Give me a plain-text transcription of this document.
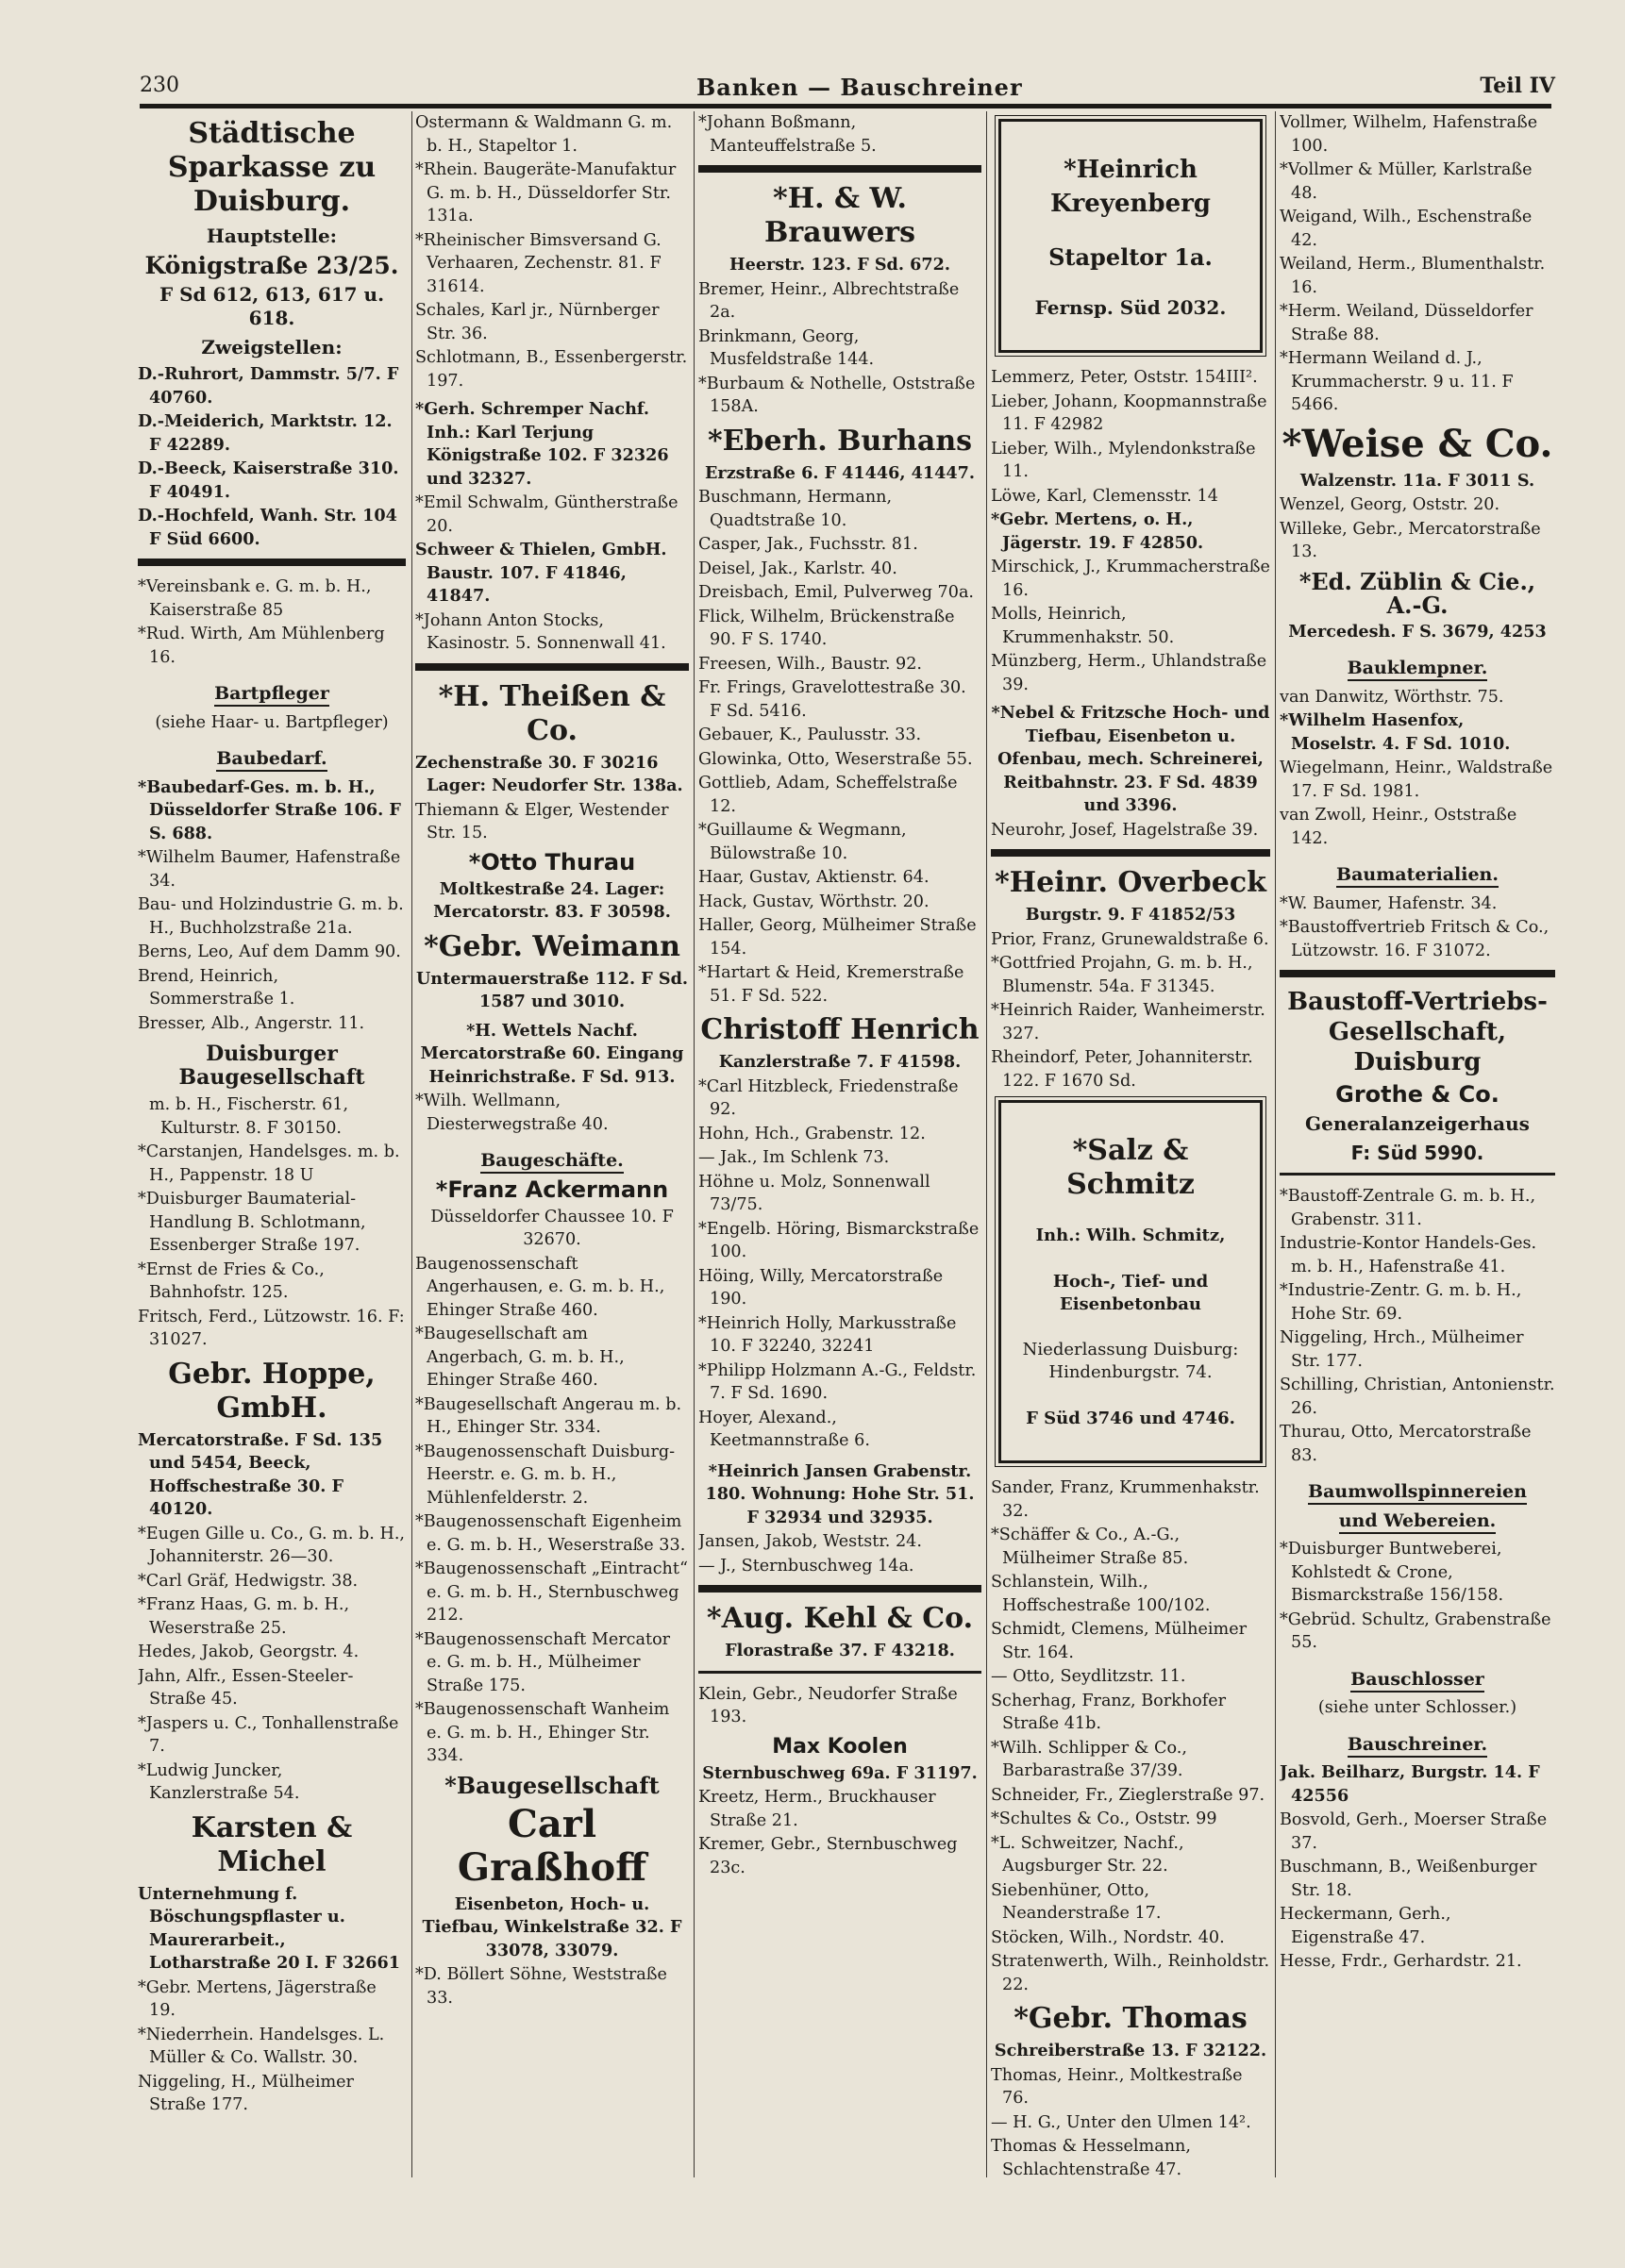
230	Banken — Bauschreiner	Teil IV
Städtische Sparkasse zu Duisburg.
Hauptstelle:
Königstraße 23/25.
F Sd 612, 613, 617 u. 618.
Zweigstellen:
D.-Ruhrort, Dammstr. 5/7. F 40760.
D.-Meiderich, Marktstr. 12. F 42289.
D.-Beeck, Kaiserstraße 310. F 40491.
D.-Hochfeld, Wanh. Str. 104 F Süd 6600.
*Vereinsbank e. G. m. b. H., Kaiserstraße 85
*Rud. Wirth, Am Mühlenberg 16.
Bartpfleger
(siehe Haar- u. Bartpfleger)
Baubedarf.
*Baubedarf-Ges. m. b. H., Düsseldorfer Straße 106. F S. 688.
*Wilhelm Baumer, Hafenstraße 34.
Bau- und Holzindustrie G. m. b. H., Buchholzstraße 21a.
Berns, Leo, Auf dem Damm 90.
Brend, Heinrich, Sommerstraße 1.
Bresser, Alb., Angerstr. 11.
Duisburger Baugesellschaft
m. b. H., Fischerstr. 61, Kulturstr. 8. F 30150.
*Carstanjen, Handelsges. m. b. H., Pappenstr. 18 U
*Duisburger Baumaterial-Handlung B. Schlotmann, Essenberger Straße 197.
*Ernst de Fries & Co., Bahnhofstr. 125.
Fritsch, Ferd., Lützowstr. 16. F: 31027.
Gebr. Hoppe, GmbH.
Mercatorstraße. F Sd. 135 und 5454, Beeck, Hoffschestraße 30. F 40120.
*Eugen Gille u. Co., G. m. b. H., Johanniterstr. 26—30.
*Carl Gräf, Hedwigstr. 38.
*Franz Haas, G. m. b. H., Weserstraße 25.
Hedes, Jakob, Georgstr. 4.
Jahn, Alfr., Essen-Steeler-Straße 45.
*Jaspers u. C., Tonhallenstraße 7.
*Ludwig Juncker, Kanzlerstraße 54.
Karsten & Michel
Unternehmung f. Böschungspflaster u. Maurerarbeit., Lotharstraße 20 I. F 32661
*Gebr. Mertens, Jägerstraße 19.
*Niederrhein. Handelsges. L. Müller & Co. Wallstr. 30.
Niggeling, H., Mülheimer Straße 177.
Ostermann & Waldmann G. m. b. H., Stapeltor 1.
*Rhein. Baugeräte-Manufaktur G. m. b. H., Düsseldorfer Str. 131a.
*Rheinischer Bimsversand G. Verhaaren, Zechenstr. 81. F 31614.
Schales, Karl jr., Nürnberger Str. 36.
Schlotmann, B., Essenbergerstr. 197.
*Gerh. Schremper Nachf. Inh.: Karl Terjung Königstraße 102. F 32326 und 32327.
*Emil Schwalm, Güntherstraße 20.
Schweer & Thielen, GmbH. Baustr. 107. F 41846, 41847.
*Johann Anton Stocks, Kasinostr. 5. Sonnenwall 41.
*H. Theißen & Co.
Zechenstraße 30. F 30216 Lager: Neudorfer Str. 138a.
Thiemann & Elger, Westender Str. 15.
*Otto Thurau
Moltkestraße 24. Lager: Mercatorstr. 83. F 30598.
*Gebr. Weimann
Untermauerstraße 112. F Sd. 1587 und 3010.
*H. Wettels Nachf. Mercatorstraße 60. Eingang Heinrichstraße. F Sd. 913.
*Wilh. Wellmann, Diesterwegstraße 40.
Baugeschäfte.
*Franz Ackermann
Düsseldorfer Chaussee 10. F 32670.
Baugenossenschaft Angerhausen, e. G. m. b. H., Ehinger Straße 460.
*Baugesellschaft am Angerbach, G. m. b. H., Ehinger Straße 460.
*Baugesellschaft Angerau m. b. H., Ehinger Str. 334.
*Baugenossenschaft Duisburg-Heerstr. e. G. m. b. H., Mühlenfelderstr. 2.
*Baugenossenschaft Eigenheim e. G. m. b. H., Weserstraße 33.
*Baugenossenschaft „Eintracht“ e. G. m. b. H., Sternbuschweg 212.
*Baugenossenschaft Mercator e. G. m. b. H., Mülheimer Straße 175.
*Baugenossenschaft Wanheim e. G. m. b. H., Ehinger Str. 334.
*Baugesellschaft
Carl Graßhoff
Eisenbeton, Hoch- u. Tiefbau, Winkelstraße 32. F 33078, 33079.
*D. Böllert Söhne, Weststraße 33.
*Johann Boßmann, Manteuffelstraße 5.
*H. & W. Brauwers
Heerstr. 123. F Sd. 672.
Bremer, Heinr., Albrechtstraße 2a.
Brinkmann, Georg, Musfeldstraße 144.
*Burbaum & Nothelle, Oststraße 158A.
*Eberh. Burhans
Erzstraße 6. F 41446, 41447.
Buschmann, Hermann, Quadtstraße 10.
Casper, Jak., Fuchsstr. 81.
Deisel, Jak., Karlstr. 40.
Dreisbach, Emil, Pulverweg 70a.
Flick, Wilhelm, Brückenstraße 90. F S. 1740.
Freesen, Wilh., Baustr. 92.
Fr. Frings, Gravelottestraße 30. F Sd. 5416.
Gebauer, K., Paulusstr. 33.
Glowinka, Otto, Weserstraße 55.
Gottlieb, Adam, Scheffelstraße 12.
*Guillaume & Wegmann, Bülowstraße 10.
Haar, Gustav, Aktienstr. 64.
Hack, Gustav, Wörthstr. 20.
Haller, Georg, Mülheimer Straße 154.
*Hartart & Heid, Kremerstraße 51. F Sd. 522.
Christoff Henrich
Kanzlerstraße 7. F 41598.
*Carl Hitzbleck, Friedenstraße 92.
Hohn, Hch., Grabenstr. 12.
— Jak., Im Schlenk 73.
Höhne u. Molz, Sonnenwall 73/75.
*Engelb. Höring, Bismarckstraße 100.
Höing, Willy, Mercatorstraße 190.
*Heinrich Holly, Markusstraße 10. F 32240, 32241
*Philipp Holzmann A.-G., Feldstr. 7. F Sd. 1690.
Hoyer, Alexand., Keetmannstraße 6.
*Heinrich Jansen Grabenstr. 180. Wohnung: Hohe Str. 51. F 32934 und 32935.
Jansen, Jakob, Weststr. 24.
— J., Sternbuschweg 14a.
*Aug. Kehl & Co.
Florastraße 37. F 43218.
Klein, Gebr., Neudorfer Straße 193.
Max Koolen
Sternbuschweg 69a. F 31197.
Kreetz, Herm., Bruckhauser Straße 21.
Kremer, Gebr., Sternbuschweg 23c.

*Heinrich Kreyenberg

Stapeltor 1a.

Fernsp. Süd 2032.

Lemmerz, Peter, Oststr. 154III².
Lieber, Johann, Koopmannstraße 11. F 42982
Lieber, Wilh., Mylendonkstraße 11.
Löwe, Karl, Clemensstr. 14
*Gebr. Mertens, o. H., Jägerstr. 19. F 42850.
Mirschick, J., Krummacherstraße 16.
Molls, Heinrich, Krummenhakstr. 50.
Münzberg, Herm., Uhlandstraße 39.
*Nebel & Fritzsche Hoch- und Tiefbau, Eisenbeton u. Ofenbau, mech. Schreinerei, Reitbahnstr. 23. F Sd. 4839 und 3396.
Neurohr, Josef, Hagelstraße 39.
*Heinr. Overbeck
Burgstr. 9. F 41852/53
Prior, Franz, Grunewaldstraße 6.
*Gottfried Projahn, G. m. b. H., Blumenstr. 54a. F 31345.
*Heinrich Raider, Wanheimerstr. 327.
Rheindorf, Peter, Johanniterstr. 122. F 1670 Sd.

*Salz & Schmitz

Inh.: Wilh. Schmitz,

Hoch-, Tief- und Eisenbetonbau

Niederlassung Duisburg: Hindenburgstr. 74.

F Süd 3746 und 4746.

Sander, Franz, Krummenhakstr. 32.
*Schäffer & Co., A.-G., Mülheimer Straße 85.
Schlanstein, Wilh., Hoffschestraße 100/102.
Schmidt, Clemens, Mülheimer Str. 164.
— Otto, Seydlitzstr. 11.
Scherhag, Franz, Borkhofer Straße 41b.
*Wilh. Schlipper & Co., Barbarastraße 37/39.
Schneider, Fr., Zieglerstraße 97.
*Schultes & Co., Oststr. 99
*L. Schweitzer, Nachf., Augsburger Str. 22.
Siebenhüner, Otto, Neanderstraße 17.
Stöcken, Wilh., Nordstr. 40.
Stratenwerth, Wilh., Reinholdstr. 22.
*Gebr. Thomas
Schreiberstraße 13. F 32122.
Thomas, Heinr., Moltkestraße 76.
— H. G., Unter den Ulmen 14².
Thomas & Hesselmann, Schlachtenstraße 47.
Vollmer, Wilhelm, Hafenstraße 100.
*Vollmer & Müller, Karlstraße 48.
Weigand, Wilh., Eschenstraße 42.
Weiland, Herm., Blumenthalstr. 16.
*Herm. Weiland, Düsseldorfer Straße 88.
*Hermann Weiland d. J., Krummacherstr. 9 u. 11. F 5466.
*Weise & Co.
Walzenstr. 11a. F 3011 S.
Wenzel, Georg, Oststr. 20.
Willeke, Gebr., Mercatorstraße 13.
*Ed. Züblin & Cie., A.-G.
Mercedesh. F S. 3679, 4253
Bauklempner.
van Danwitz, Wörthstr. 75.
*Wilhelm Hasenfox, Moselstr. 4. F Sd. 1010.
Wiegelmann, Heinr., Waldstraße 17. F Sd. 1981.
van Zwoll, Heinr., Oststraße 142.
Baumaterialien.
*W. Baumer, Hafenstr. 34.
*Baustoffvertrieb Fritsch & Co., Lützowstr. 16. F 31072.
Baustoff-Vertriebs-Gesellschaft, Duisburg
Grothe & Co.
Generalanzeigerhaus
F: Süd 5990.
*Baustoff-Zentrale G. m. b. H., Grabenstr. 311.
Industrie-Kontor Handels-Ges. m. b. H., Hafenstraße 41.
*Industrie-Zentr. G. m. b. H., Hohe Str. 69.
Niggeling, Hrch., Mülheimer Str. 177.
Schilling, Christian, Antonienstr. 26.
Thurau, Otto, Mercatorstraße 83.
Baumwollspinnereien
und Webereien.
*Duisburger Buntweberei, Kohlstedt & Crone, Bismarckstraße 156/158.
*Gebrüd. Schultz, Grabenstraße 55.
Bauschlosser
(siehe unter Schlosser.)
Bauschreiner.
Jak. Beilharz, Burgstr. 14. F 42556
Bosvold, Gerh., Moerser Straße 37.
Buschmann, B., Weißenburger Str. 18.
Heckermann, Gerh., Eigenstraße 47.
Hesse, Frdr., Gerhardstr. 21.
